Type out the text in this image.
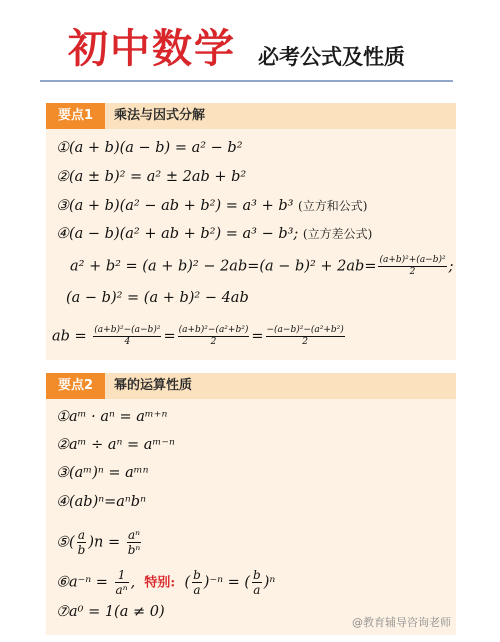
初中数学 必考公式及性质
要点1	乘法与因式分解
①(a + b)(a − b) = a² − b²
②(a ± b)² = a² ± 2ab + b²
③(a + b)(a² − ab + b²) = a³ + b³ (立方和公式)
④(a − b)(a² + ab + b²) = a³ − b³; (立方差公式)
$a^2 + b^2 = (a + b)^2 - 2ab=(a - b)^2 + 2ab= \frac{\text{(a+b)²+(a−b)²}}{2}$ ;
(a − b)² = (a + b)² − 4ab
ab = $\frac{\text{(a+b)²−(a−b)²}}{4} = \frac{\text{(a+b)²−(a²+b²)}}{2} = \frac{\text{−(a−b)²−(a²+b²)}}{2}$
要点2	幂的运算性质
①aᵐ · aⁿ = aᵐ⁺ⁿ
②aᵐ ÷ aⁿ = aᵐ⁻ⁿ
③(aᵐ)ⁿ = aᵐⁿ
④(ab)ⁿ=aⁿbⁿ
⑤( $\frac{a}{b} )n = \frac{\text{aⁿ}}{\text{bⁿ}}$
⑥a⁻ⁿ = $\frac{1}{\text{aⁿ}}$ ,  特别: ( $\frac{b}{a} )^{-n}$ = ( $\frac{b}{a} )^n$
⑦a⁰ = 1(a ≠ 0)
@教育辅导咨询老师
